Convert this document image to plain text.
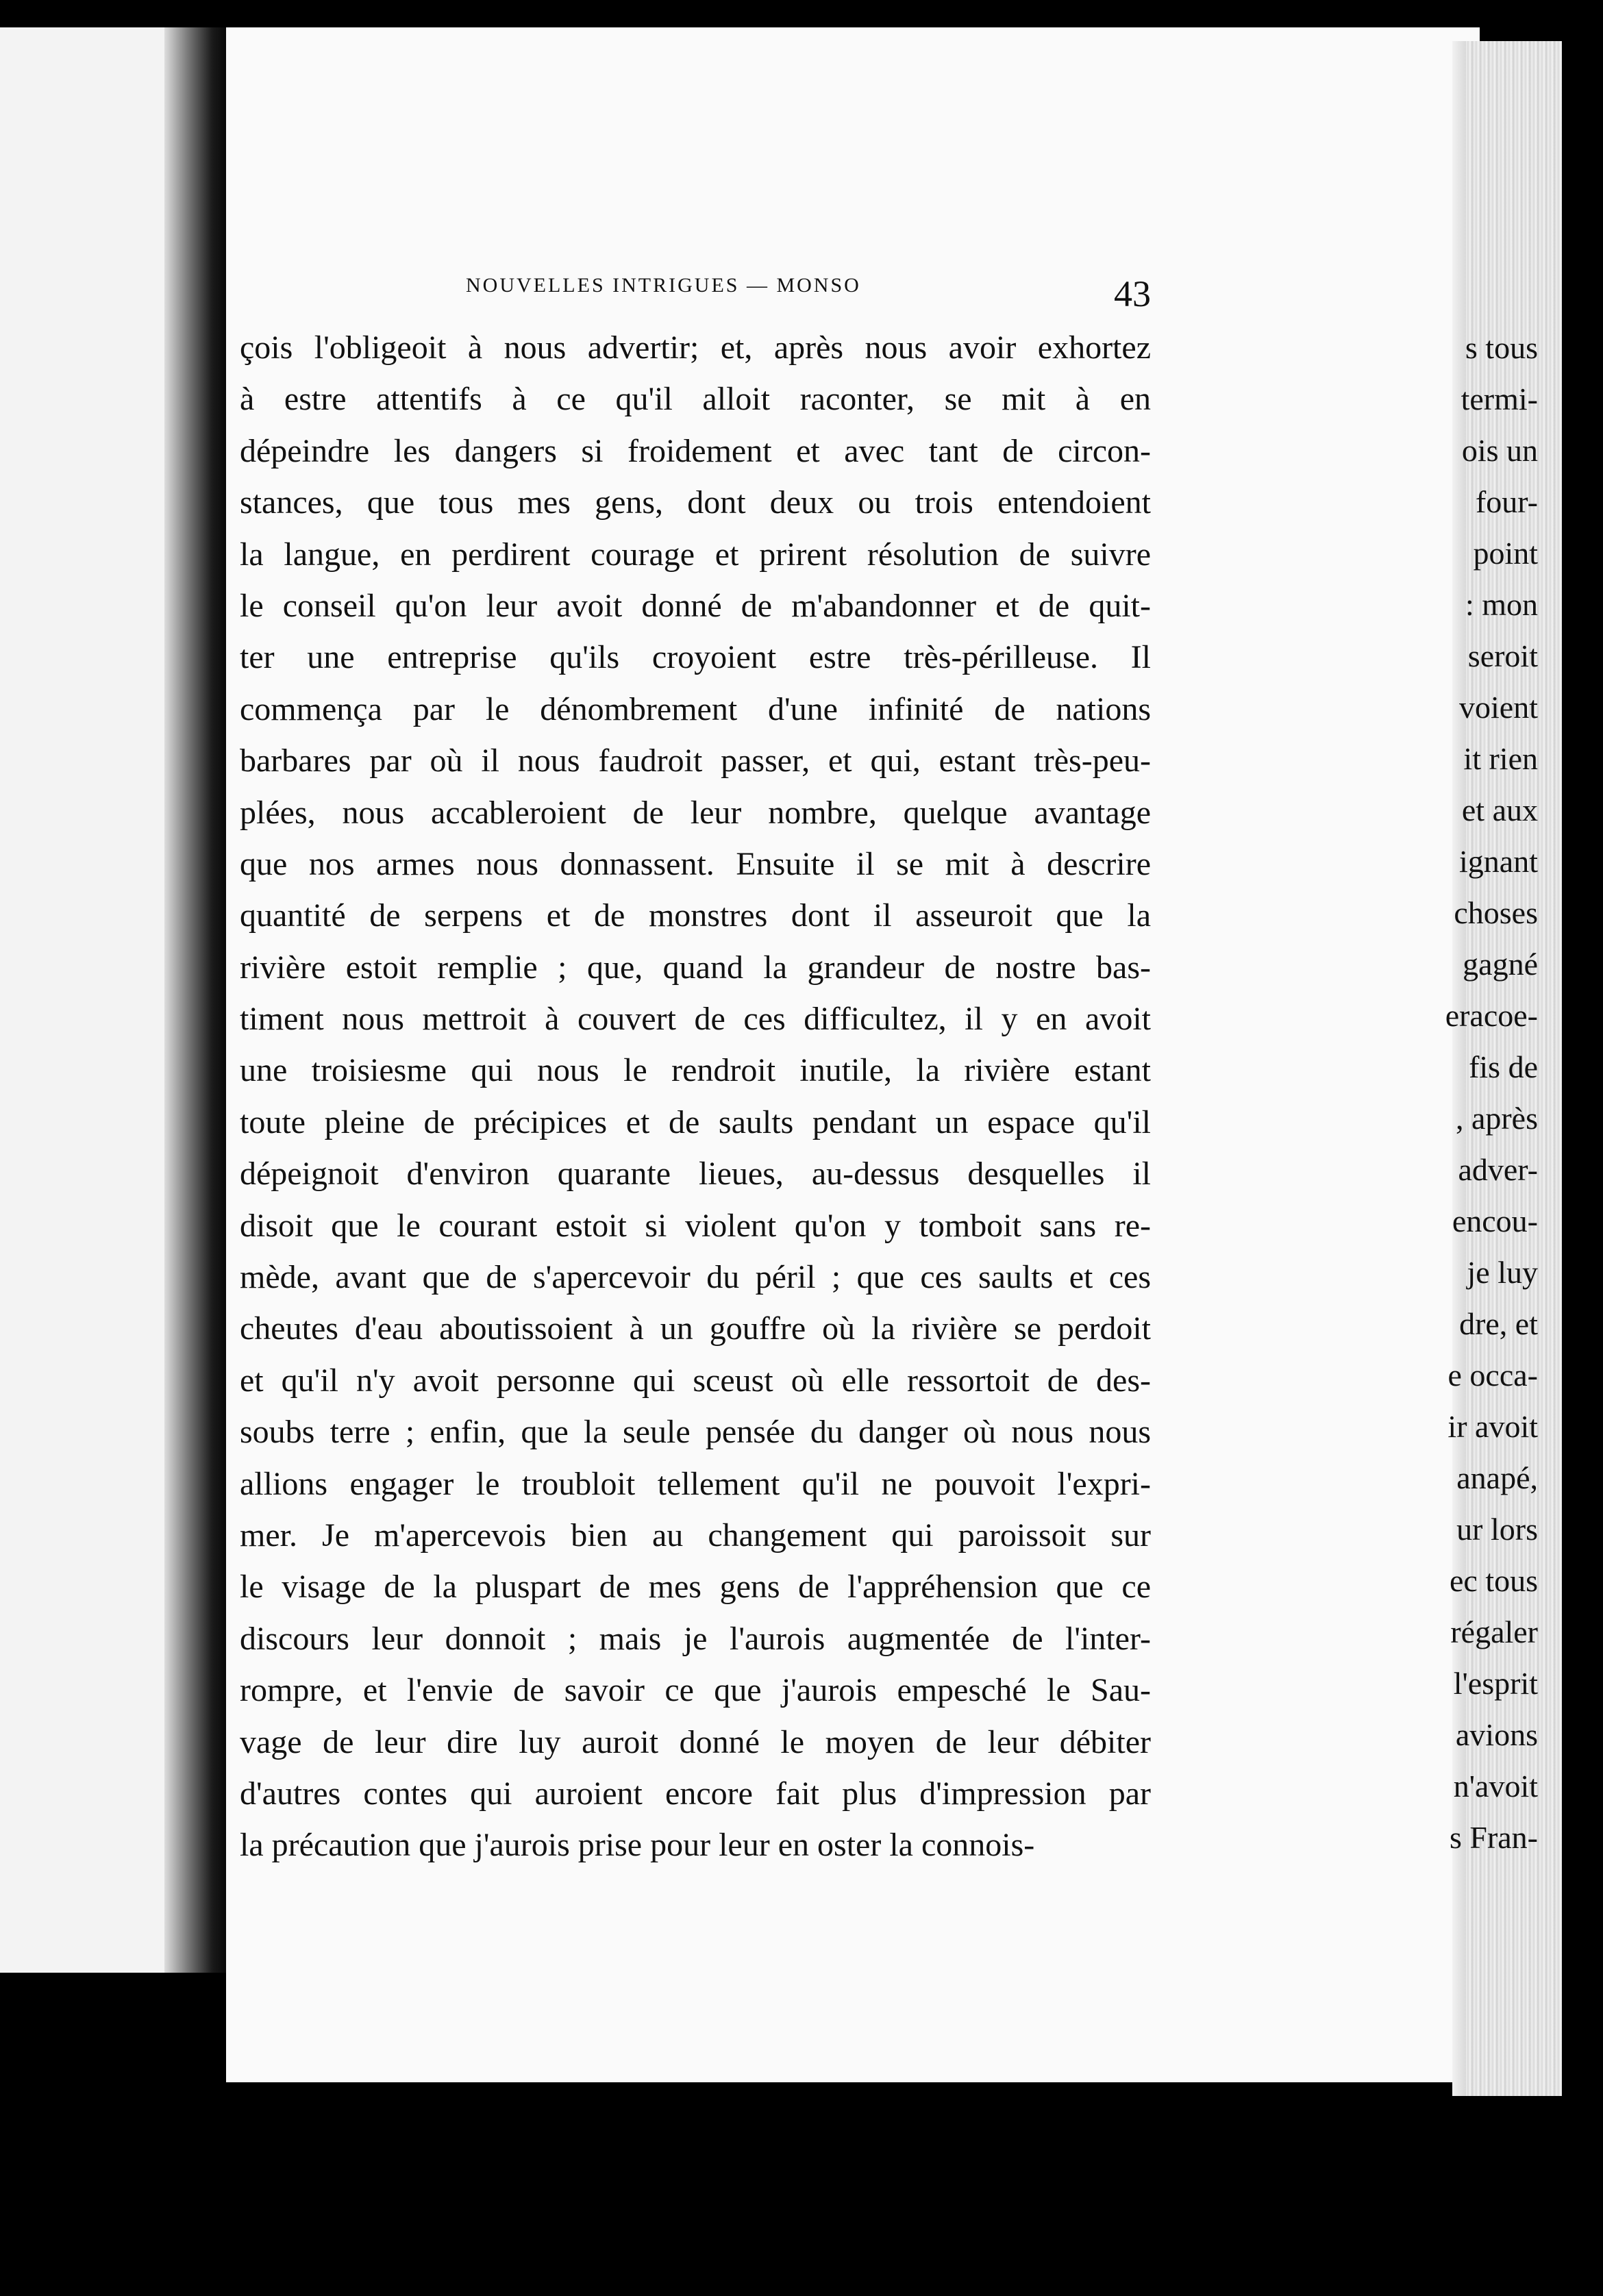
s tous
termi-
ois un
four-
point
: mon
seroit
voient
it rien
et aux
ignant
choses
gagné
eracoe-
fis de
, après
adver-
encou-
je luy
dre, et
e occa-
ir avoit
anapé,
ur lors
ec tous
régaler
l'esprit
avions
n'avoit
s Fran-
NOUVELLES INTRIGUES — MONSO	43
çois l'obligeoit à nous advertir; et, après nous avoir exhortez
à estre attentifs à ce qu'il alloit raconter, se mit à en
dépeindre les dangers si froidement et avec tant de circon-
stances, que tous mes gens, dont deux ou trois entendoient
la langue, en perdirent courage et prirent résolution de suivre
le conseil qu'on leur avoit donné de m'abandonner et de quit-
ter une entreprise qu'ils croyoient estre très-périlleuse. Il
commença par le dénombrement d'une infinité de nations
barbares par où il nous faudroit passer, et qui, estant très-peu-
plées, nous accableroient de leur nombre, quelque avantage
que nos armes nous donnassent. Ensuite il se mit à descrire
quantité de serpens et de monstres dont il asseuroit que la
rivière estoit remplie ; que, quand la grandeur de nostre bas-
timent nous mettroit à couvert de ces difficultez, il y en avoit
une troisiesme qui nous le rendroit inutile, la rivière estant
toute pleine de précipices et de saults pendant un espace qu'il
dépeignoit d'environ quarante lieues, au-dessus desquelles il
disoit que le courant estoit si violent qu'on y tomboit sans re-
mède, avant que de s'apercevoir du péril ; que ces saults et ces
cheutes d'eau aboutissoient à un gouffre où la rivière se perdoit
et qu'il n'y avoit personne qui sceust où elle ressortoit de des-
soubs terre ; enfin, que la seule pensée du danger où nous nous
allions engager le troubloit tellement qu'il ne pouvoit l'expri-
mer. Je m'apercevois bien au changement qui paroissoit sur
le visage de la pluspart de mes gens de l'appréhension que ce
discours leur donnoit ; mais je l'aurois augmentée de l'inter-
rompre, et l'envie de savoir ce que j'aurois empesché le Sau-
vage de leur dire luy auroit donné le moyen de leur débiter
d'autres contes qui auroient encore fait plus d'impression par
la précaution que j'aurois prise pour leur en oster la connois-
